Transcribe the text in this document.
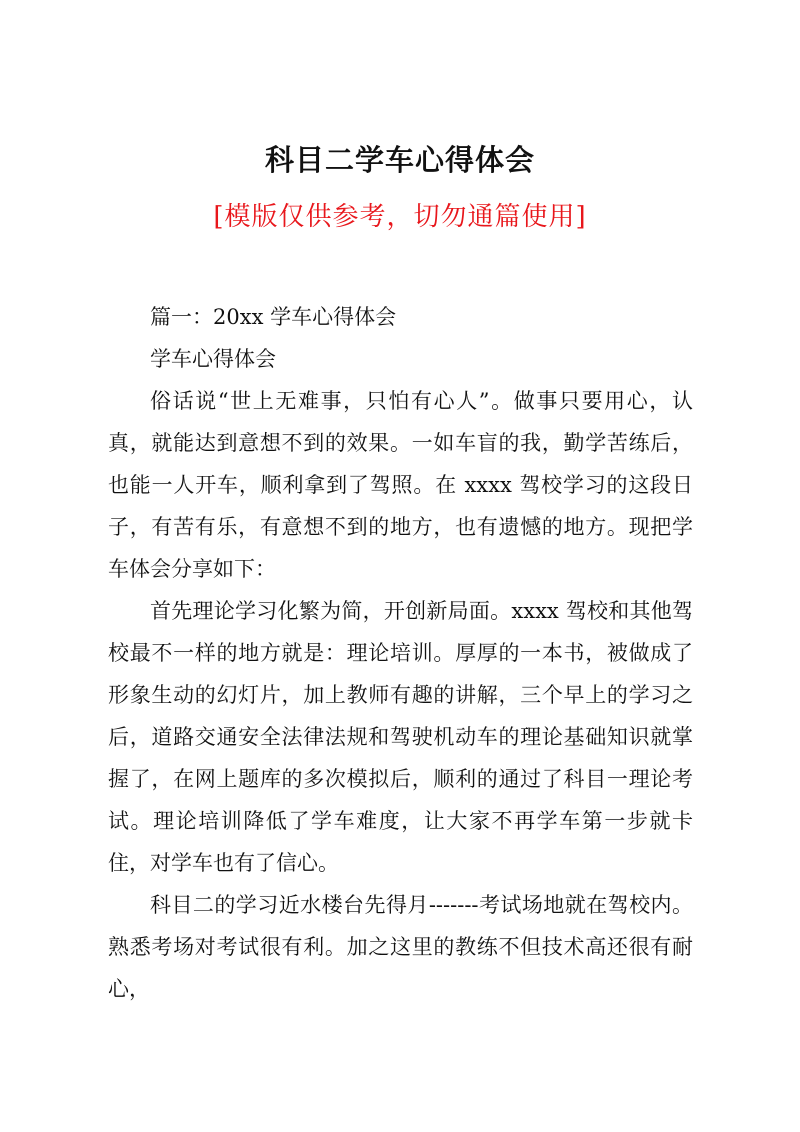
科目二学车心得体会
[模版仅供参考，切勿通篇使用]

篇一：20xx 学车心得体会

学车心得体会

俗话说“世上无难事，只怕有心人”。做事只要用心，认真，就能达到意想不到的效果。一如车盲的我，勤学苦练后，也能一人开车，顺利拿到了驾照。在 xxxx 驾校学习的这段日子，有苦有乐，有意想不到的地方，也有遗憾的地方。现把学车体会分享如下：

首先理论学习化繁为简，开创新局面。xxxx 驾校和其他驾校最不一样的地方就是：理论培训。厚厚的一本书，被做成了形象生动的幻灯片，加上教师有趣的讲解，三个早上的学习之后，道路交通安全法律法规和驾驶机动车的理论基础知识就掌握了，在网上题库的多次模拟后，顺利的通过了科目一理论考试。理论培训降低了学车难度，让大家不再学车第一步就卡住，对学车也有了信心。

科目二的学习近水楼台先得月-------考试场地就在驾校内。熟悉考场对考试很有利。加之这里的教练不但技术高还很有耐心，
